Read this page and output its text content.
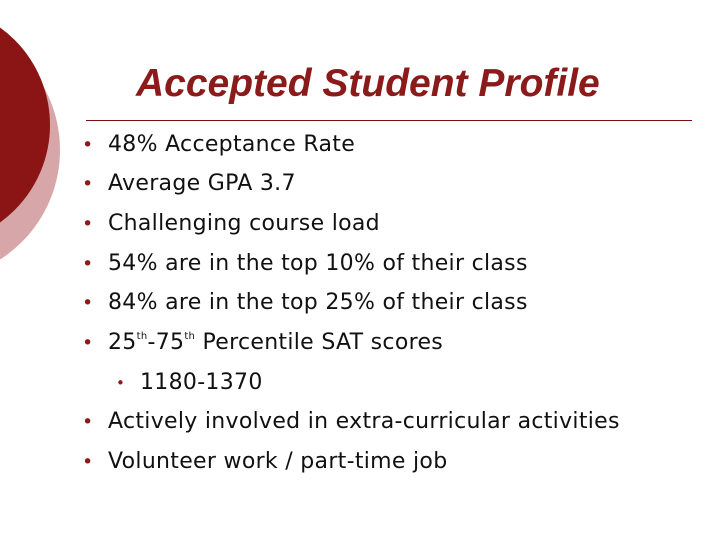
Accepted Student Profile
• 48% Acceptance Rate
• Average GPA 3.7
• Challenging course load
• 54% are in the top 10% of their class
• 84% are in the top 25% of their class
• 25th-75th Percentile SAT scores
• 1180-1370
• Actively involved in extra-curricular activities
• Volunteer work / part-time job
